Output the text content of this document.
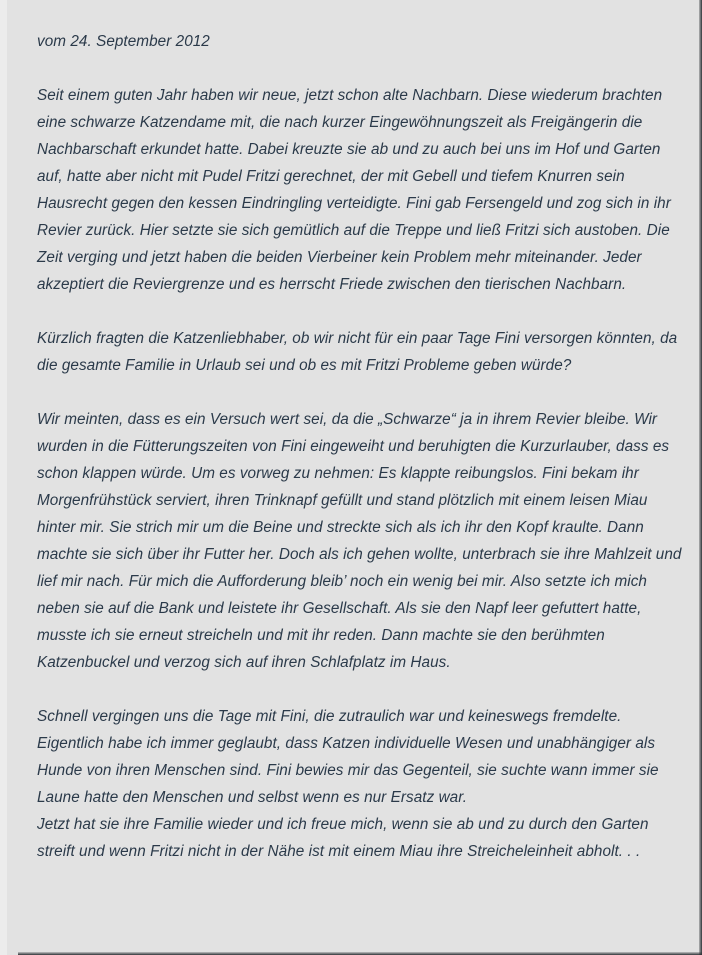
vom 24. September 2012

Seit einem guten Jahr haben wir neue, jetzt schon alte Nachbarn. Diese wiederum brachten eine schwarze Katzendame mit, die nach kurzer Eingewöhnungszeit als Freigängerin die Nachbarschaft erkundet hatte. Dabei kreuzte sie ab und zu auch bei uns im Hof und Garten auf, hatte aber nicht mit Pudel Fritzi gerechnet, der mit Gebell und tiefem Knurren sein Hausrecht gegen den kessen Eindringling verteidigte. Fini gab Fersengeld und zog sich in ihr Revier zurück. Hier setzte sie sich gemütlich auf die Treppe und ließ Fritzi sich austoben. Die Zeit verging und jetzt haben die beiden Vierbeiner kein Problem mehr miteinander. Jeder akzeptiert die Reviergrenze und es herrscht Friede zwischen den tierischen Nachbarn.

Kürzlich fragten die Katzenliebhaber, ob wir nicht für ein paar Tage Fini versorgen könnten, da die gesamte Familie in Urlaub sei und ob es mit Fritzi Probleme geben würde?

Wir meinten, dass es ein Versuch wert sei, da die „Schwarze“ ja in ihrem Revier bleibe. Wir wurden in die Fütterungszeiten von Fini eingeweiht und beruhigten die Kurzurlauber, dass es schon klappen würde. Um es vorweg zu nehmen: Es klappte reibungslos. Fini bekam ihr Morgenfrühstück serviert, ihren Trinknapf gefüllt und stand plötzlich mit einem leisen Miau hinter mir. Sie strich mir um die Beine und streckte sich als ich ihr den Kopf kraulte. Dann machte sie sich über ihr Futter her. Doch als ich gehen wollte, unterbrach sie ihre Mahlzeit und lief mir nach. Für mich die Aufforderung bleib’ noch ein wenig bei mir. Also setzte ich mich neben sie auf die Bank und leistete ihr Gesellschaft. Als sie den Napf leer gefuttert hatte, musste ich sie erneut streicheln und mit ihr reden. Dann machte sie den berühmten Katzenbuckel und verzog sich auf ihren Schlafplatz im Haus.

Schnell vergingen uns die Tage mit Fini, die zutraulich war und keineswegs fremdelte. Eigentlich habe ich immer geglaubt, dass Katzen individuelle Wesen und unabhängiger als Hunde von ihren Menschen sind. Fini bewies mir das Gegenteil, sie suchte wann immer sie Laune hatte den Menschen und selbst wenn es nur Ersatz war.
Jetzt hat sie ihre Familie wieder und ich freue mich, wenn sie ab und zu durch den Garten streift und wenn Fritzi nicht in der Nähe ist mit einem Miau ihre Streicheleinheit abholt. . .
